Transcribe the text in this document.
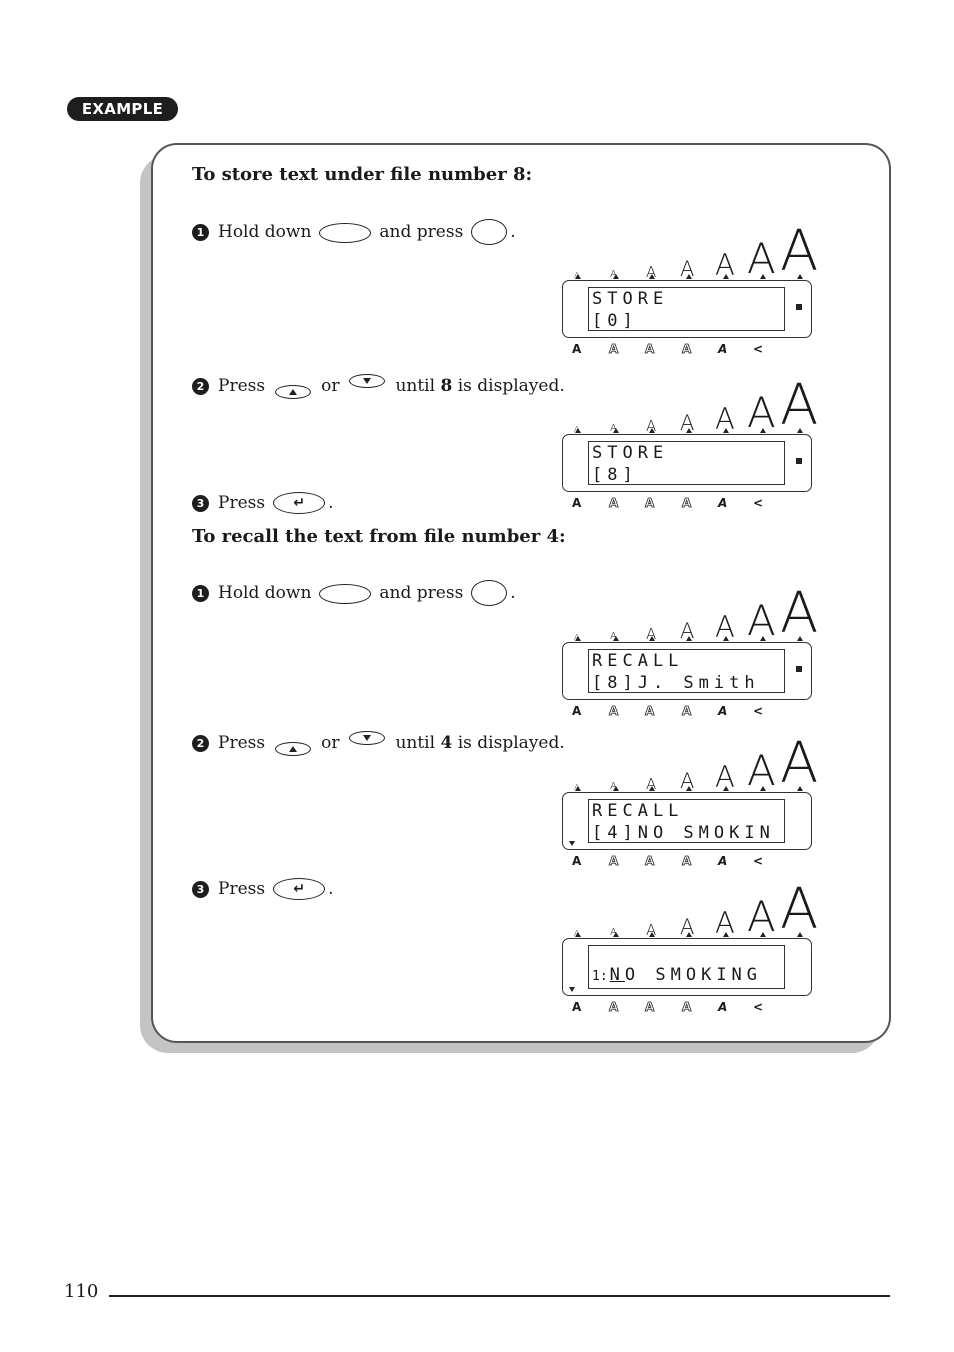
EXAMPLE
To store text under file number 8:
1 Hold down	and press	.
2 Press	or	until
8
is displayed.
3 Press	↵	.
To recall the text from file number 4:
1 Hold down	and press	.
2 Press	or	until
4
is displayed.
3 Press	↵	.
A	A A A A A A
STORE
[0]
A A A A A <
A	A A A A A A
STORE
[8]
A A A A A <
A	A A A A A A
RECALL
[8]J. Smith
A A A A A <
A	A A A A A A
RECALL
[4]NO SMOKIN
A A A A A <
A	A A A A A A
1: NO SMOKING
A A A A A <
110
